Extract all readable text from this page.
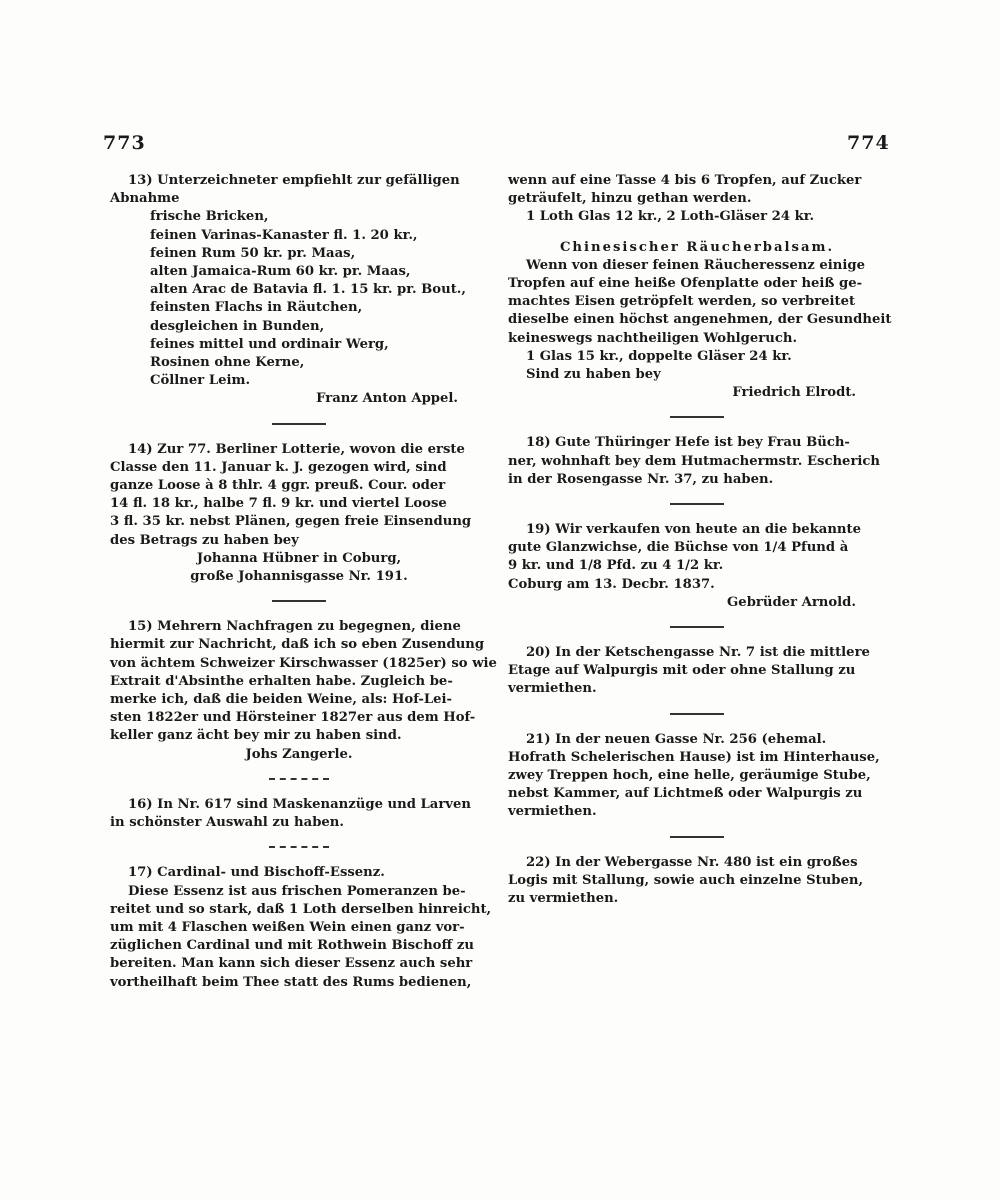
773	774
13) Unterzeichneter empfiehlt zur gefälligen
Abnahme
frische Bricken,
feinen Varinas-Kanaster fl. 1. 20 kr.,
feinen Rum 50 kr. pr. Maas,
alten Jamaica-Rum 60 kr. pr. Maas,
alten Arac de Batavia fl. 1. 15 kr. pr. Bout.,
feinsten Flachs in Räutchen,
desgleichen in Bunden,
feines mittel und ordinair Werg,
Rosinen ohne Kerne,
Cöllner Leim.
Franz Anton Appel.
14) Zur 77. Berliner Lotterie, wovon die erste
Classe den 11. Januar k. J. gezogen wird, sind
ganze Loose à 8 thlr. 4 ggr. preuß. Cour. oder
14 fl. 18 kr., halbe 7 fl. 9 kr. und viertel Loose
3 fl. 35 kr. nebst Plänen, gegen freie Einsendung
des Betrags zu haben bey
Johanna Hübner in Coburg,
große Johannisgasse Nr. 191.
15) Mehrern Nachfragen zu begegnen, diene
hiermit zur Nachricht, daß ich so eben Zusendung
von ächtem Schweizer Kirschwasser (1825er) so wie
Extrait d'Absinthe erhalten habe. Zugleich be-
merke ich, daß die beiden Weine, als: Hof-Lei-
sten 1822er und Hörsteiner 1827er aus dem Hof-
keller ganz ächt bey mir zu haben sind.
Johs Zangerle.
16) In Nr. 617 sind Maskenanzüge und Larven
in schönster Auswahl zu haben.
17) Cardinal- und Bischoff-Essenz.
Diese Essenz ist aus frischen Pomeranzen be-
reitet und so stark, daß 1 Loth derselben hinreicht,
um mit 4 Flaschen weißen Wein einen ganz vor-
züglichen Cardinal und mit Rothwein Bischoff zu
bereiten. Man kann sich dieser Essenz auch sehr
vortheilhaft beim Thee statt des Rums bedienen,
wenn auf eine Tasse 4 bis 6 Tropfen, auf Zucker
geträufelt, hinzu gethan werden.
1 Loth Glas 12 kr., 2 Loth-Gläser 24 kr.
Chinesischer Räucherbalsam.
Wenn von dieser feinen Räucheressenz einige
Tropfen auf eine heiße Ofenplatte oder heiß ge-
machtes Eisen getröpfelt werden, so verbreitet
dieselbe einen höchst angenehmen, der Gesundheit
keineswegs nachtheiligen Wohlgeruch.
1 Glas 15 kr., doppelte Gläser 24 kr.
Sind zu haben bey
Friedrich Elrodt.
18) Gute Thüringer Hefe ist bey Frau Büch-
ner, wohnhaft bey dem Hutmachermstr. Escherich
in der Rosengasse Nr. 37, zu haben.
19) Wir verkaufen von heute an die bekannte
gute Glanzwichse, die Büchse von 1/4 Pfund à
9 kr. und 1/8 Pfd. zu 4 1/2 kr.
Coburg am 13. Decbr. 1837.
Gebrüder Arnold.
20) In der Ketschengasse Nr. 7 ist die mittlere
Etage auf Walpurgis mit oder ohne Stallung zu
vermiethen.
21) In der neuen Gasse Nr. 256 (ehemal.
Hofrath Schelerischen Hause) ist im Hinterhause,
zwey Treppen hoch, eine helle, geräumige Stube,
nebst Kammer, auf Lichtmeß oder Walpurgis zu
vermiethen.
22) In der Webergasse Nr. 480 ist ein großes
Logis mit Stallung, sowie auch einzelne Stuben,
zu vermiethen.
